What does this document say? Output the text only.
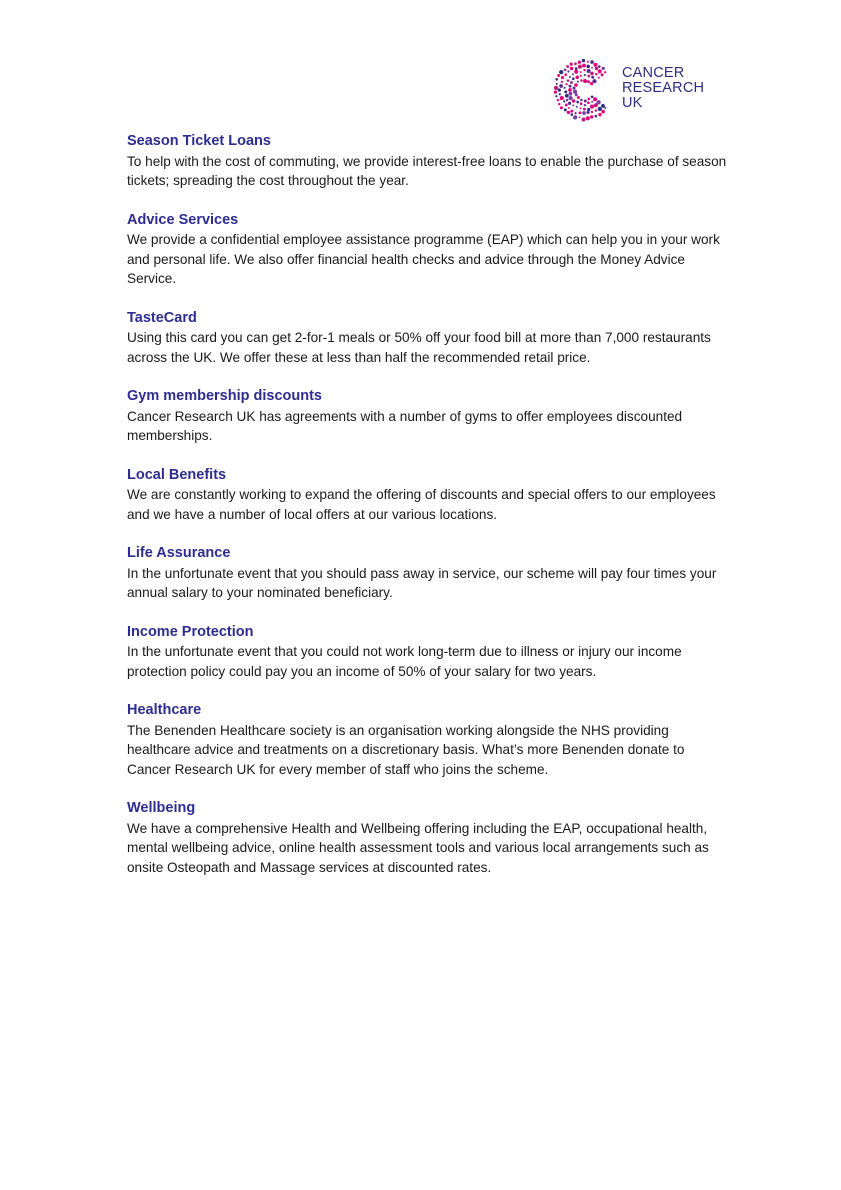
CANCER
RESEARCH
UK
Season Ticket Loans

To help with the cost of commuting, we provide interest-free loans to enable the purchase of season tickets; spreading the cost throughout the year.

Advice Services

We provide a confidential employee assistance programme (EAP) which can help you in your work and personal life. We also offer financial health checks and advice through the Money Advice Service.

TasteCard

Using this card you can get 2-for-1 meals or 50% off your food bill at more than 7,000 restaurants across the UK. We offer these at less than half the recommended retail price.

Gym membership discounts

Cancer Research UK has agreements with a number of gyms to offer employees discounted memberships.

Local Benefits

We are constantly working to expand the offering of discounts and special offers to our employees and we have a number of local offers at our various locations.

Life Assurance

In the unfortunate event that you should pass away in service, our scheme will pay four times your annual salary to your nominated beneficiary.

Income Protection

In the unfortunate event that you could not work long-term due to illness or injury our income protection policy could pay you an income of 50% of your salary for two years.

Healthcare

The Benenden Healthcare society is an organisation working alongside the NHS providing healthcare advice and treatments on a discretionary basis. What’s more Benenden donate to Cancer Research UK for every member of staff who joins the scheme.

Wellbeing

We have a comprehensive Health and Wellbeing offering including the EAP, occupational health, mental wellbeing advice, online health assessment tools and various local arrangements such as onsite Osteopath and Massage services at discounted rates.
